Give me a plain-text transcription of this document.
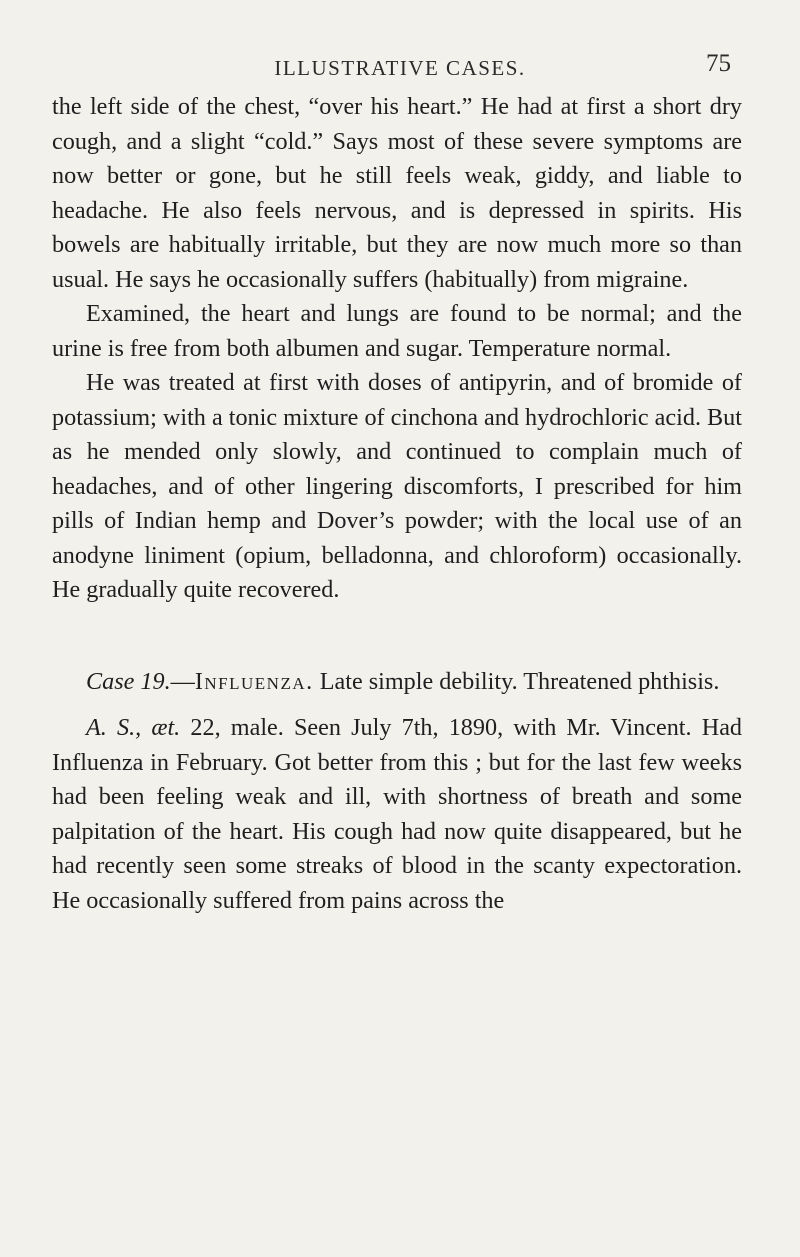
ILLUSTRATIVE CASES.	75

the left side of the chest, “over his heart.” He had at first a short dry cough, and a slight “cold.” Says most of these severe symptoms are now better or gone, but he still feels weak, giddy, and liable to headache. He also feels nervous, and is depressed in spirits. His bowels are habitually irritable, but they are now much more so than usual. He says he occasionally suffers (habitually) from migraine.

Examined, the heart and lungs are found to be normal; and the urine is free from both albumen and sugar. Temperature normal.

He was treated at first with doses of antipyrin, and of bromide of potassium; with a tonic mixture of cinchona and hydrochloric acid. But as he mended only slowly, and continued to complain much of headaches, and of other lingering discomforts, I prescribed for him pills of Indian hemp and Dover’s powder; with the local use of an anodyne liniment (opium, belladonna, and chloroform) occasionally. He gradually quite recovered.

Case 19.—Influenza. Late simple debility. Threatened phthisis.

A. S., æt. 22, male. Seen July 7th, 1890, with Mr. Vincent. Had Influenza in February. Got better from this ; but for the last few weeks had been feeling weak and ill, with shortness of breath and some palpitation of the heart. His cough had now quite disappeared, but he had recently seen some streaks of blood in the scanty expectoration. He occasionally suffered from pains across the
